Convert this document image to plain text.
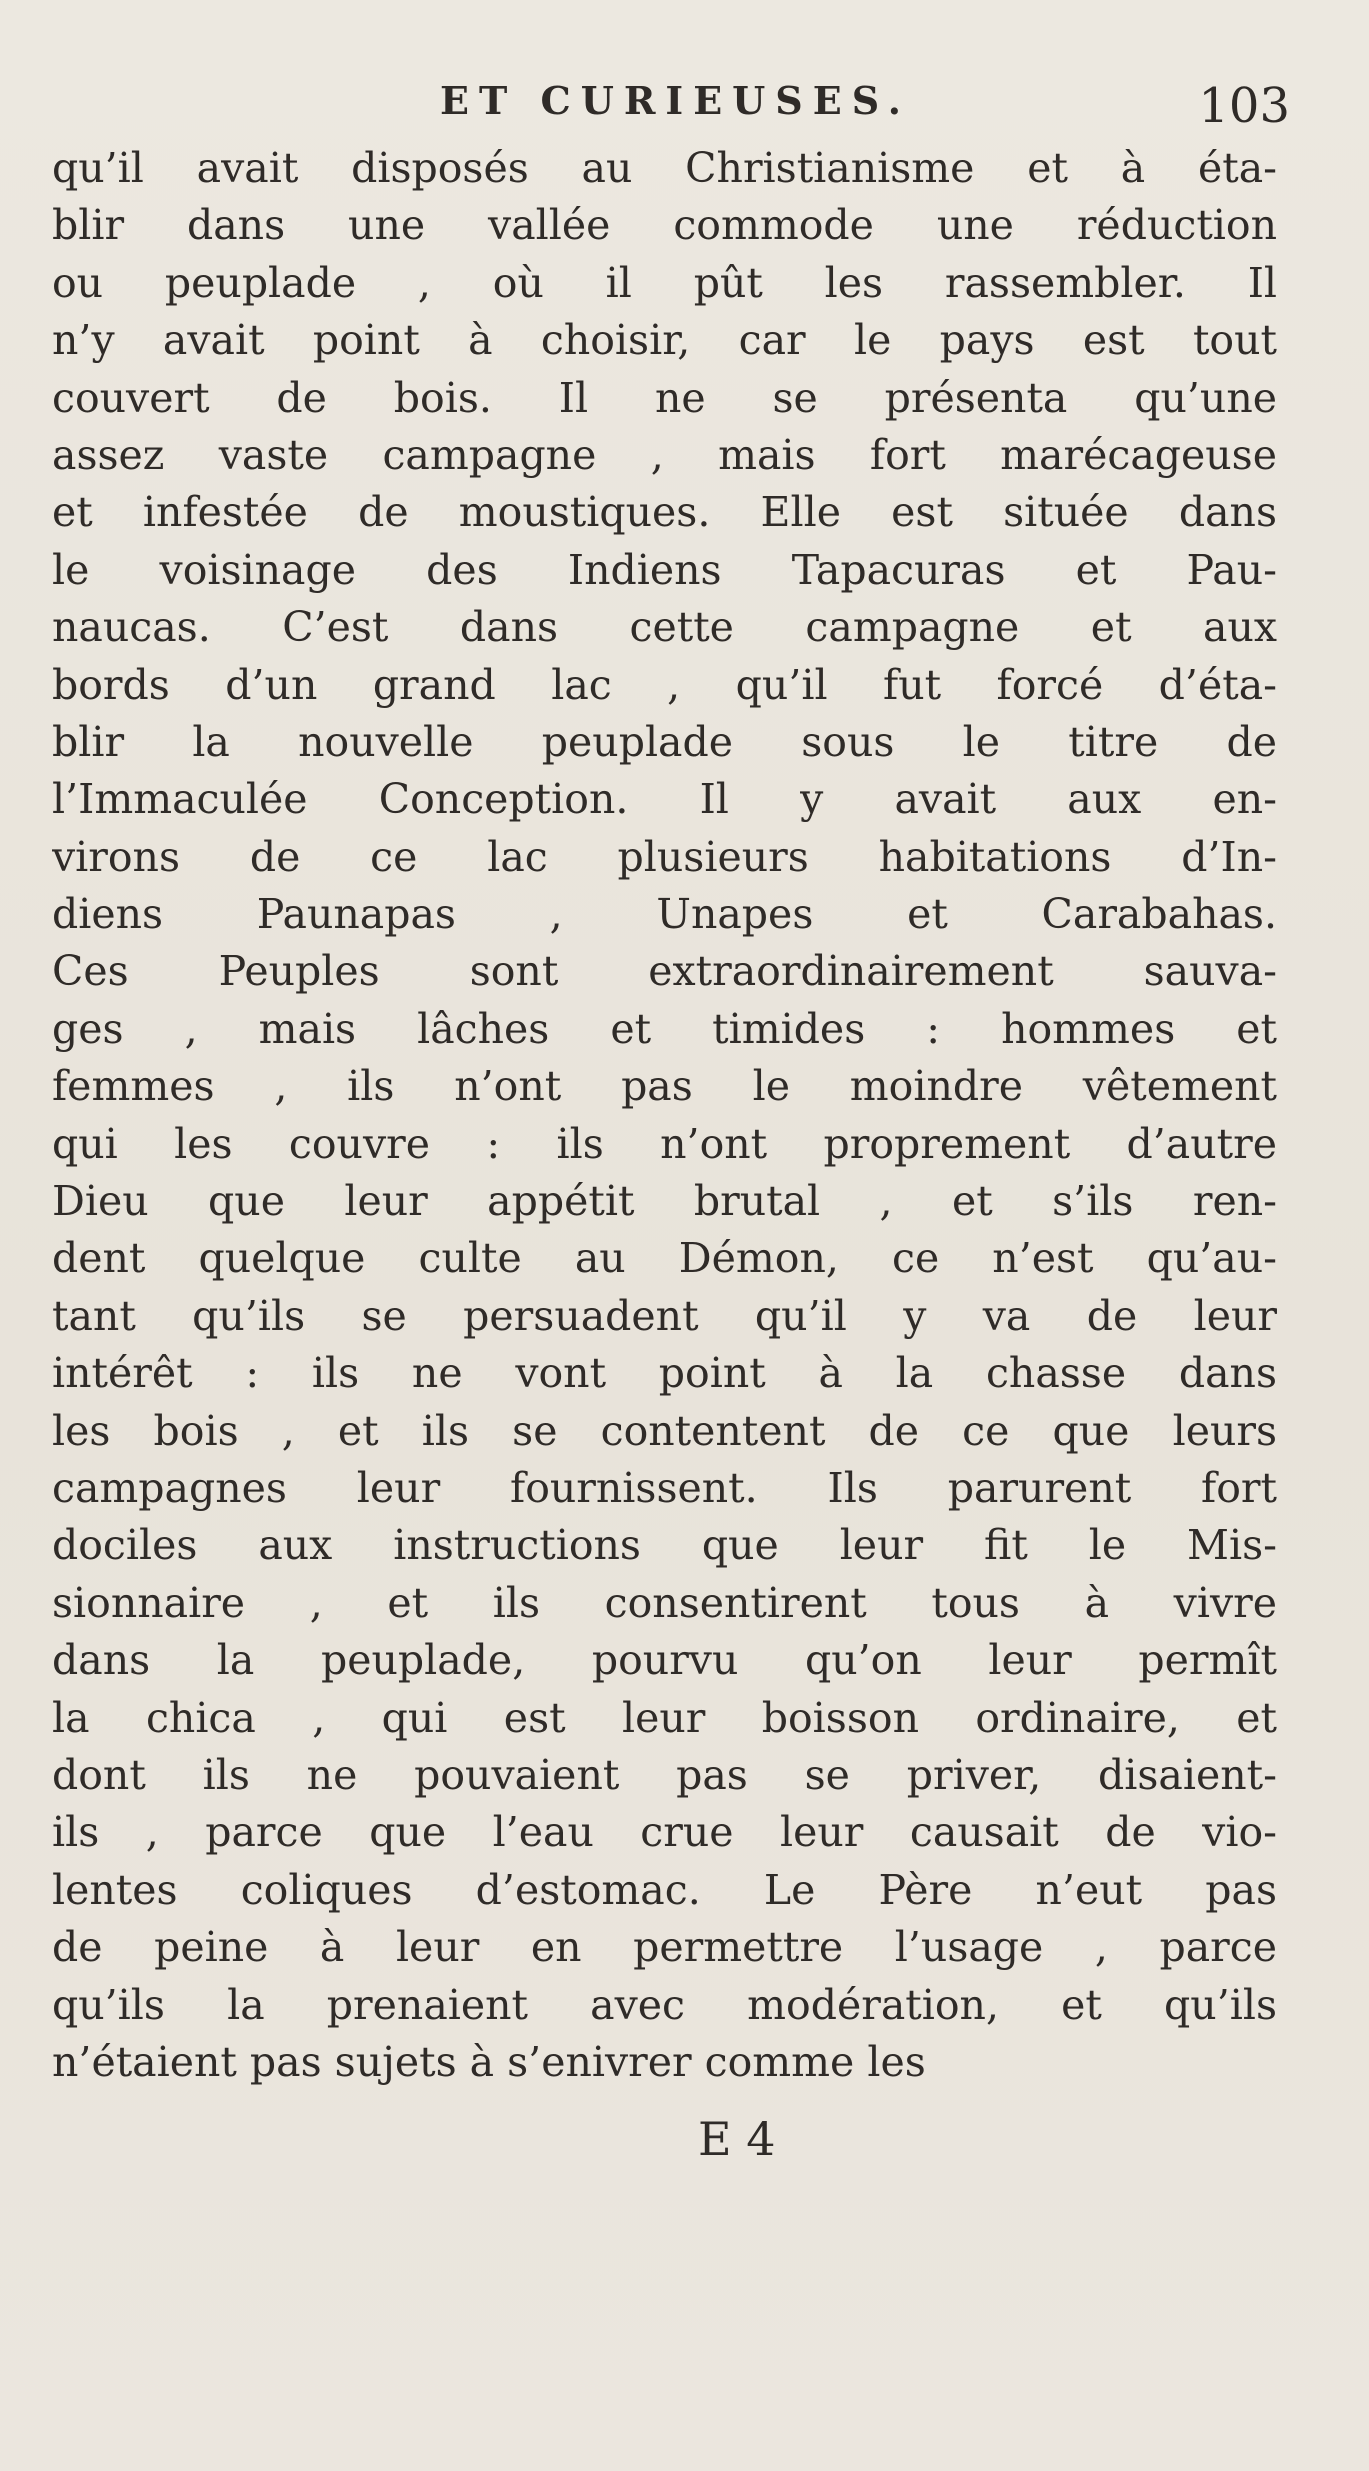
ET CURIEUSES.	103
qu’il avait disposés au Christianisme et à éta-
blir dans une vallée commode une réduction
ou peuplade , où il pût les rassembler. Il
n’y avait point à choisir, car le pays est tout
couvert de bois. Il ne se présenta qu’une
assez vaste campagne , mais fort marécageuse
et infestée de moustiques. Elle est située dans
le voisinage des Indiens Tapacuras et Pau-
naucas. C’est dans cette campagne et aux
bords d’un grand lac , qu’il fut forcé d’éta-
blir la nouvelle peuplade sous le titre de
l’Immaculée Conception. Il y avait aux en-
virons de ce lac plusieurs habitations d’In-
diens Paunapas , Unapes et Carabahas.
Ces Peuples sont extraordinairement sauva-
ges , mais lâches et timides : hommes et
femmes , ils n’ont pas le moindre vêtement
qui les couvre : ils n’ont proprement d’autre
Dieu que leur appétit brutal , et s’ils ren-
dent quelque culte au Démon, ce n’est qu’au-
tant qu’ils se persuadent qu’il y va de leur
intérêt : ils ne vont point à la chasse dans
les bois , et ils se contentent de ce que leurs
campagnes leur fournissent. Ils parurent fort
dociles aux instructions que leur fit le Mis-
sionnaire , et ils consentirent tous à vivre
dans la peuplade, pourvu qu’on leur permît
la chica , qui est leur boisson ordinaire, et
dont ils ne pouvaient pas se priver, disaient-
ils , parce que l’eau crue leur causait de vio-
lentes coliques d’estomac. Le Père n’eut pas
de peine à leur en permettre l’usage , parce
qu’ils la prenaient avec modération, et qu’ils
n’étaient pas sujets à s’enivrer comme les
E 4
